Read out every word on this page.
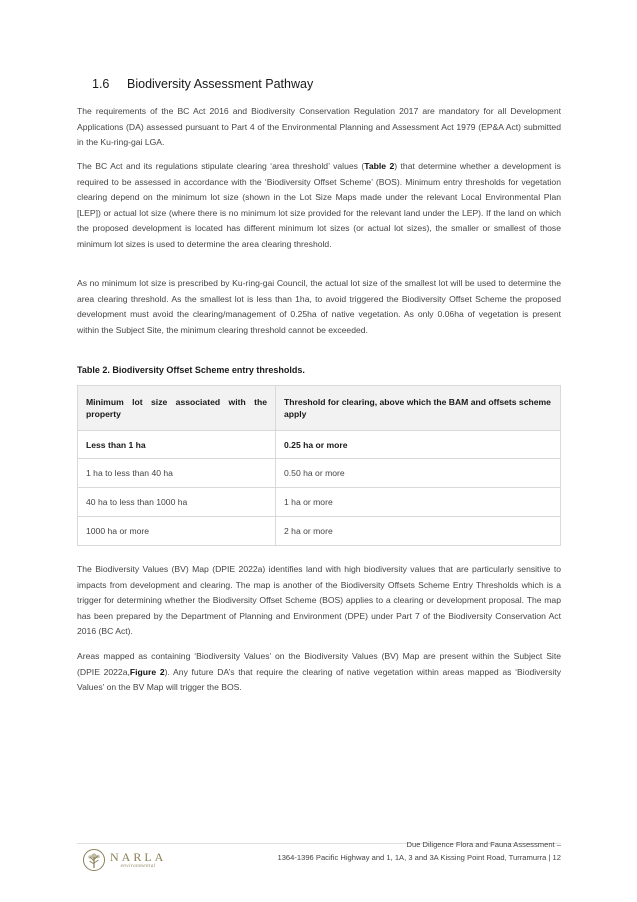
1.6 Biodiversity Assessment Pathway

The requirements of the BC Act 2016 and Biodiversity Conservation Regulation 2017 are mandatory for all Development Applications (DA) assessed pursuant to Part 4 of the Environmental Planning and Assessment Act 1979 (EP&A Act) submitted in the Ku-ring-gai LGA.

The BC Act and its regulations stipulate clearing ‘area threshold’ values (Table 2) that determine whether a development is required to be assessed in accordance with the ‘Biodiversity Offset Scheme’ (BOS). Minimum entry thresholds for vegetation clearing depend on the minimum lot size (shown in the Lot Size Maps made under the relevant Local Environmental Plan [LEP]) or actual lot size (where there is no minimum lot size provided for the relevant land under the LEP). If the land on which the proposed development is located has different minimum lot sizes (or actual lot sizes), the smaller or smallest of those minimum lot sizes is used to determine the area clearing threshold.

As no minimum lot size is prescribed by Ku-ring-gai Council, the actual lot size of the smallest lot will be used to determine the area clearing threshold. As the smallest lot is less than 1ha, to avoid triggered the Biodiversity Offset Scheme the proposed development must avoid the clearing/management of 0.25ha of native vegetation. As only 0.06ha of vegetation is present within the Subject Site, the minimum clearing threshold cannot be exceeded.

Table 2. Biodiversity Offset Scheme entry thresholds.
Minimum lot size associated with the property	Threshold for clearing, above which the BAM and offsets scheme apply
Less than 1 ha	0.25 ha or more
1 ha to less than 40 ha	0.50 ha or more
40 ha to less than 1000 ha	1 ha or more
1000 ha or more	2 ha or more

The Biodiversity Values (BV) Map (DPIE 2022a) identifies land with high biodiversity values that are particularly sensitive to impacts from development and clearing. The map is another of the Biodiversity Offsets Scheme Entry Thresholds which is a trigger for determining whether the Biodiversity Offset Scheme (BOS) applies to a clearing or development proposal. The map has been prepared by the Department of Planning and Environment (DPE) under Part 7 of the Biodiversity Conservation Act 2016 (BC Act).

Areas mapped as containing ‘Biodiversity Values’ on the Biodiversity Values (BV) Map are present within the Subject Site (DPIE 2022a,Figure 2). Any future DA’s that require the clearing of native vegetation within areas mapped as ‘Biodiversity Values’ on the BV Map will trigger the BOS.

NARLA
environmental
Due Diligence Flora and Fauna Assessment –
1364-1396 Pacific Highway and 1, 1A, 3 and 3A Kissing Point Road, Turramurra | 12
